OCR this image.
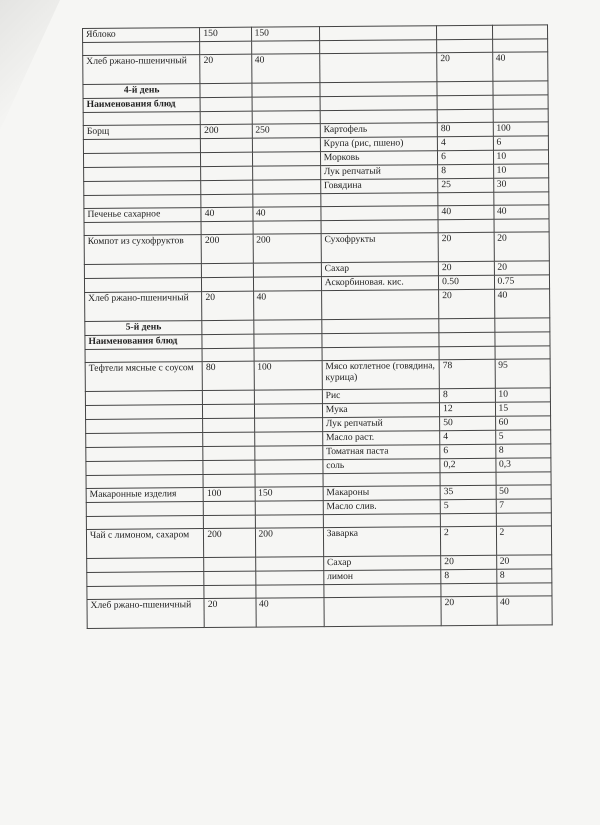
Яблоко	150	150			

Хлеб ржано-пшеничный	20	40		20	40
4-й день					
Наименования блюд					

Борщ	200	250	Картофель	80	100
			Крупа (рис, пшено)	4	6
			Морковь	6	10
			Лук репчатый	8	10
			Говядина	25	30

Печенье сахарное	40	40		40	40

Компот из сухофруктов	200	200	Сухофрукты	20	20
			Сахар	20	20
			Аскорбиновая. кис.	0.50	0.75
Хлеб ржано-пшеничный	20	40		20	40
5-й день					
Наименования блюд					

Тефтели мясные с соусом	80	100	Мясо котлетное (говядина, курица)	78	95
			Рис	8	10
			Мука	12	15
			Лук репчатый	50	60
			Масло раст.	4	5
			Томатная паста	6	8
			соль	0,2	0,3

Макаронные изделия	100	150	Макароны	35	50
			Масло слив.	5	7

Чай с лимоном, сахаром	200	200	Заварка	2	2
			Сахар	20	20
			лимон	8	8

Хлеб ржано-пшеничный	20	40		20	40
